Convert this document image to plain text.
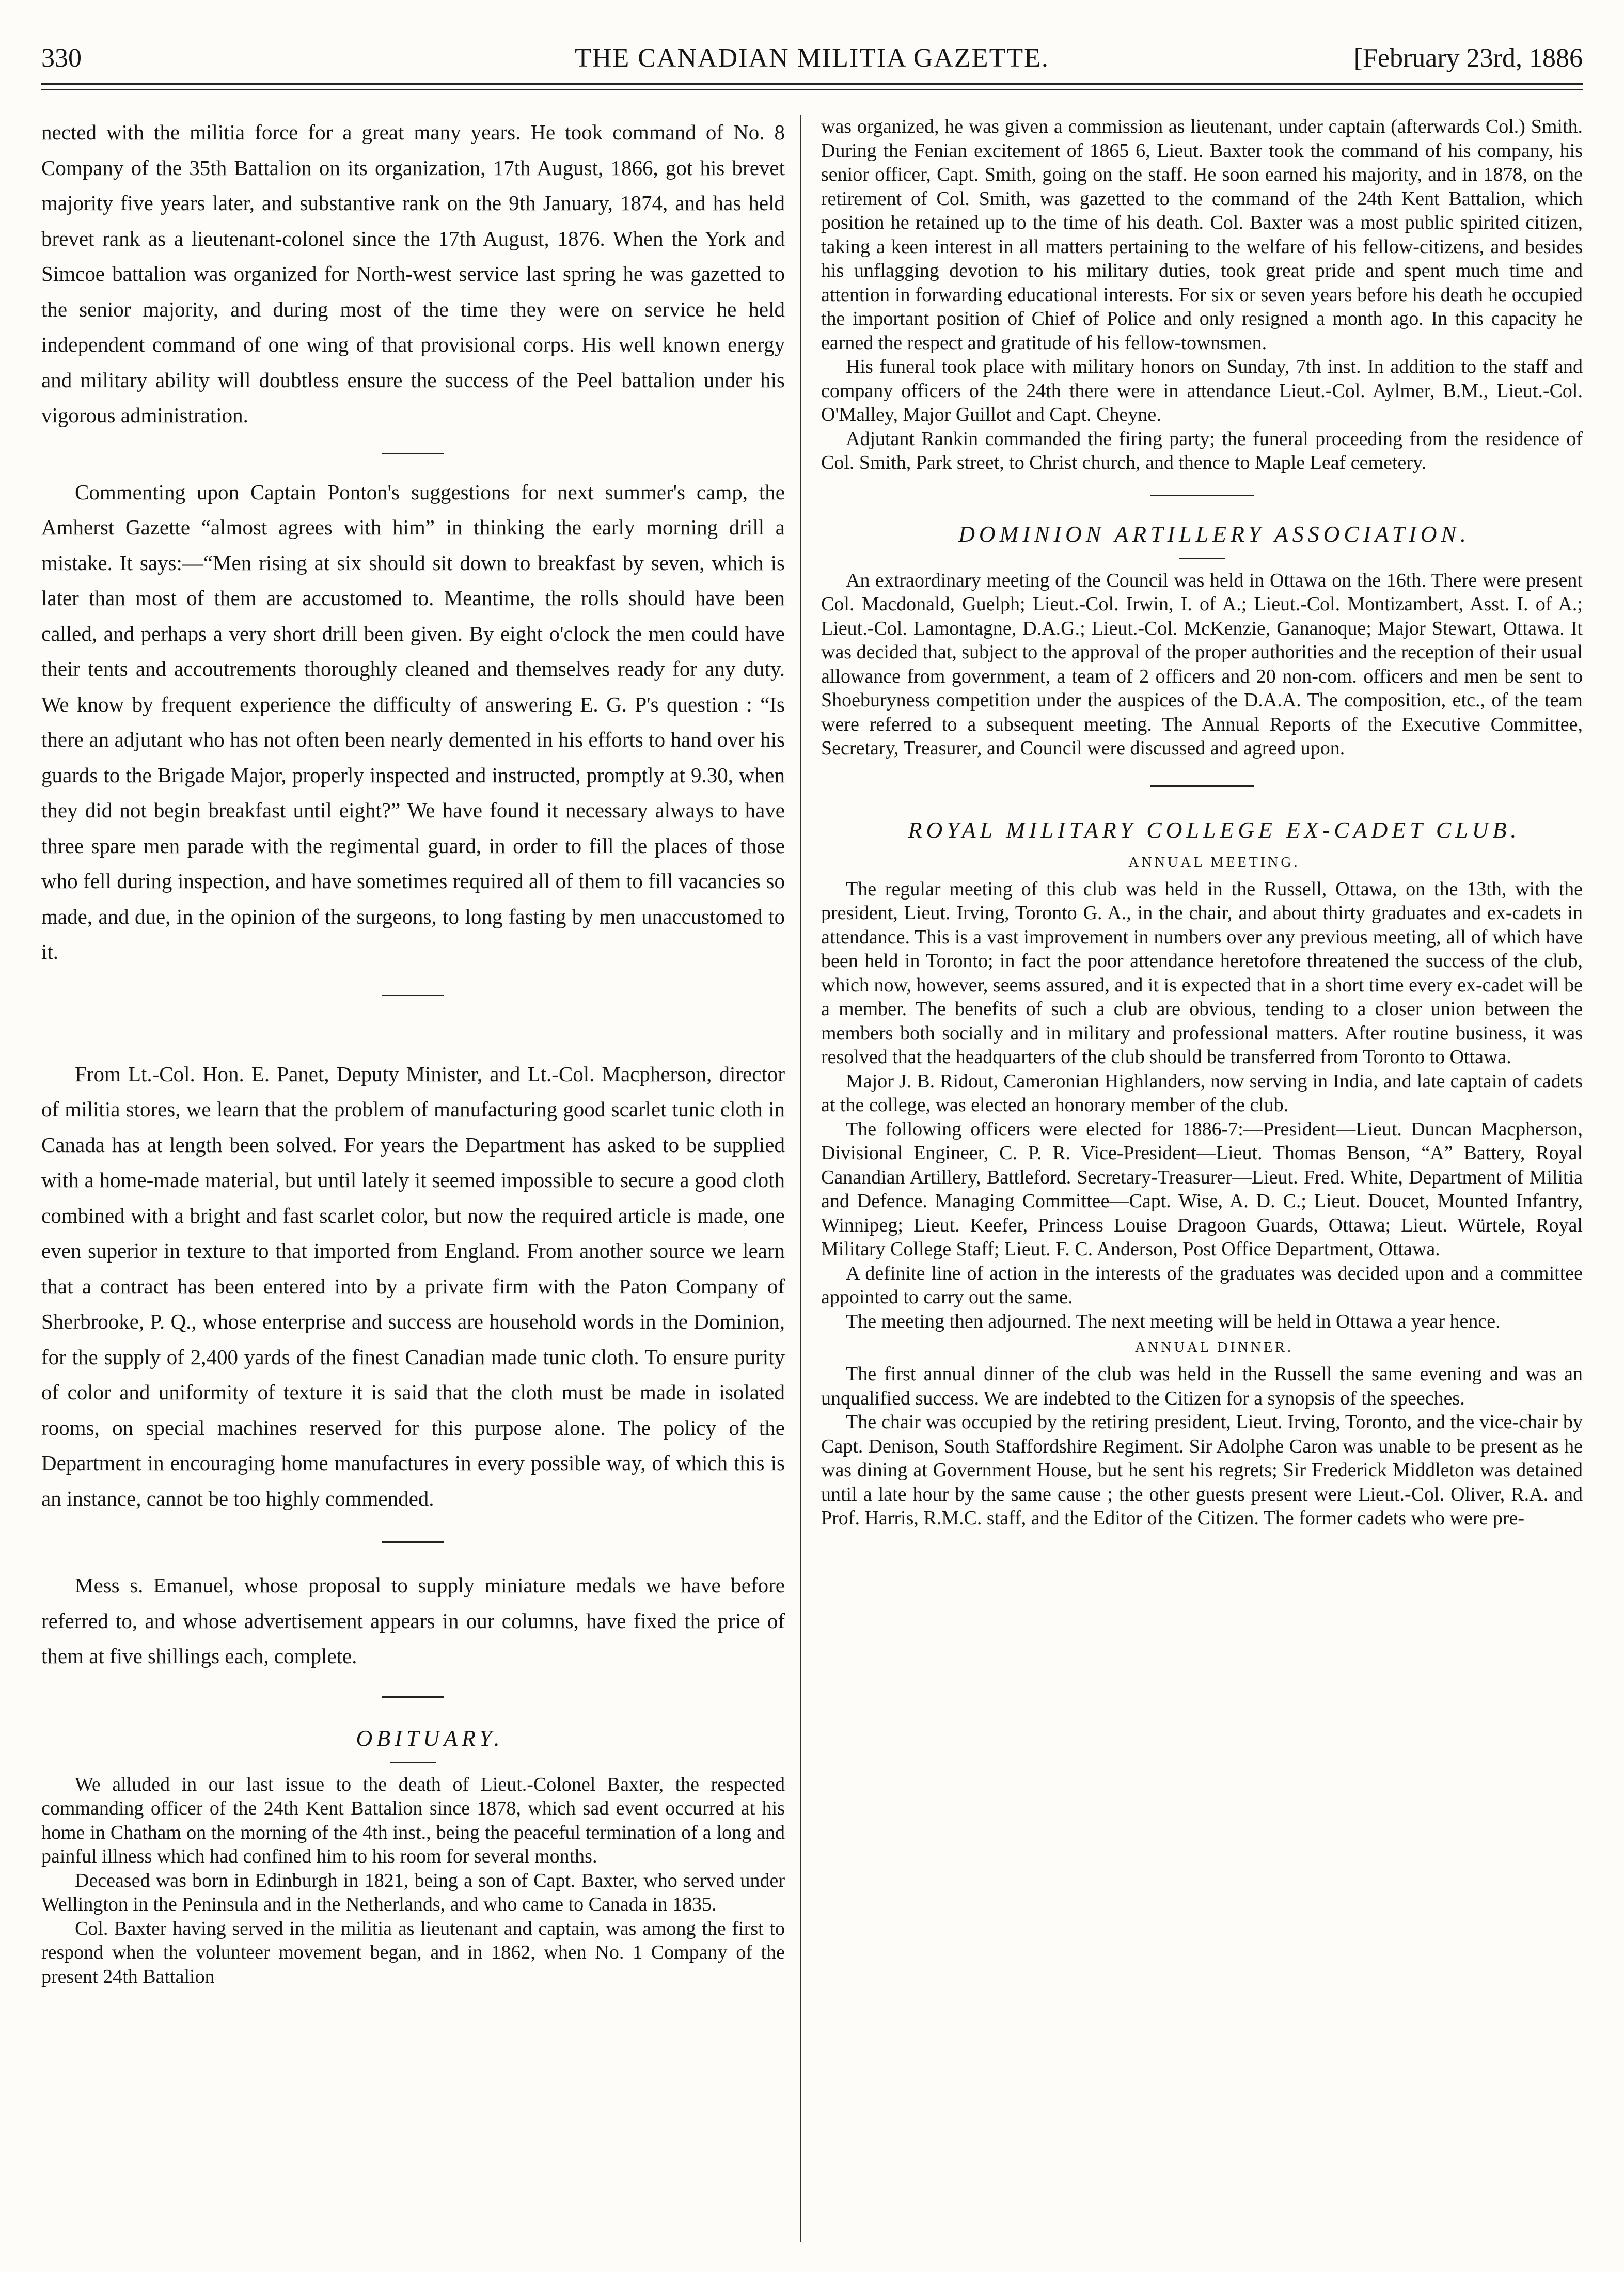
330	THE CANADIAN MILITIA GAZETTE.	[February 23rd, 1886

nected with the militia force for a great many years. He took command of No. 8 Company of the 35th Battalion on its organization, 17th August, 1866, got his brevet majority five years later, and substantive rank on the 9th January, 1874, and has held brevet rank as a lieutenant-colonel since the 17th August, 1876. When the York and Simcoe battalion was organized for North-west service last spring he was gazetted to the senior majority, and during most of the time they were on service he held independent command of one wing of that provisional corps. His well known energy and military ability will doubtless ensure the success of the Peel battalion under his vigorous administration.

Commenting upon Captain Ponton's suggestions for next summer's camp, the Amherst Gazette “almost agrees with him” in thinking the early morning drill a mistake. It says:—“Men rising at six should sit down to breakfast by seven, which is later than most of them are accustomed to. Meantime, the rolls should have been called, and perhaps a very short drill been given. By eight o'clock the men could have their tents and accoutrements thoroughly cleaned and themselves ready for any duty. We know by frequent experience the difficulty of answering E. G. P's question : “Is there an adjutant who has not often been nearly demented in his efforts to hand over his guards to the Brigade Major, properly inspected and instructed, promptly at 9.30, when they did not begin breakfast until eight?” We have found it necessary always to have three spare men parade with the regimental guard, in order to fill the places of those who fell during inspection, and have sometimes required all of them to fill vacancies so made, and due, in the opinion of the surgeons, to long fasting by men unaccustomed to it.

From Lt.-Col. Hon. E. Panet, Deputy Minister, and Lt.-Col. Macpherson, director of militia stores, we learn that the problem of manufacturing good scarlet tunic cloth in Canada has at length been solved. For years the Department has asked to be supplied with a home-made material, but until lately it seemed impossible to secure a good cloth combined with a bright and fast scarlet color, but now the required article is made, one even superior in texture to that imported from England. From another source we learn that a contract has been entered into by a private firm with the Paton Company of Sherbrooke, P. Q., whose enterprise and success are household words in the Dominion, for the supply of 2,400 yards of the finest Canadian made tunic cloth. To ensure purity of color and uniformity of texture it is said that the cloth must be made in isolated rooms, on special machines reserved for this purpose alone. The policy of the Department in encouraging home manufactures in every possible way, of which this is an instance, cannot be too highly commended.

Mess s. Emanuel, whose proposal to supply miniature medals we have before referred to, and whose advertisement appears in our columns, have fixed the price of them at five shillings each, complete.

OBITUARY.

We alluded in our last issue to the death of Lieut.-Colonel Baxter, the respected commanding officer of the 24th Kent Battalion since 1878, which sad event occurred at his home in Chatham on the morning of the 4th inst., being the peaceful termination of a long and painful illness which had confined him to his room for several months.

Deceased was born in Edinburgh in 1821, being a son of Capt. Baxter, who served under Wellington in the Peninsula and in the Netherlands, and who came to Canada in 1835.

Col. Baxter having served in the militia as lieutenant and captain, was among the first to respond when the volunteer movement began, and in 1862, when No. 1 Company of the present 24th Battalion

was organized, he was given a commission as lieutenant, under captain (afterwards Col.) Smith. During the Fenian excitement of 1865 6, Lieut. Baxter took the command of his company, his senior officer, Capt. Smith, going on the staff. He soon earned his majority, and in 1878, on the retirement of Col. Smith, was gazetted to the command of the 24th Kent Battalion, which position he retained up to the time of his death. Col. Baxter was a most public spirited citizen, taking a keen interest in all matters pertaining to the welfare of his fellow-citizens, and besides his unflagging devotion to his military duties, took great pride and spent much time and attention in forwarding educational interests. For six or seven years before his death he occupied the important position of Chief of Police and only resigned a month ago. In this capacity he earned the respect and gratitude of his fellow-townsmen.

His funeral took place with military honors on Sunday, 7th inst. In addition to the staff and company officers of the 24th there were in attendance Lieut.-Col. Aylmer, B.M., Lieut.-Col. O'Malley, Major Guillot and Capt. Cheyne.

Adjutant Rankin commanded the firing party; the funeral proceeding from the residence of Col. Smith, Park street, to Christ church, and thence to Maple Leaf cemetery.

DOMINION ARTILLERY ASSOCIATION.

An extraordinary meeting of the Council was held in Ottawa on the 16th. There were present Col. Macdonald, Guelph; Lieut.-Col. Irwin, I. of A.; Lieut.-Col. Montizambert, Asst. I. of A.; Lieut.-Col. Lamontagne, D.A.G.; Lieut.-Col. McKenzie, Gananoque; Major Stewart, Ottawa. It was decided that, subject to the approval of the proper authorities and the reception of their usual allowance from government, a team of 2 officers and 20 non-com. officers and men be sent to Shoeburyness competition under the auspices of the D.A.A. The composition, etc., of the team were referred to a subsequent meeting. The Annual Reports of the Executive Committee, Secretary, Treasurer, and Council were discussed and agreed upon.

ROYAL MILITARY COLLEGE EX-CADET CLUB.

ANNUAL MEETING.

The regular meeting of this club was held in the Russell, Ottawa, on the 13th, with the president, Lieut. Irving, Toronto G. A., in the chair, and about thirty graduates and ex-cadets in attendance. This is a vast improvement in numbers over any previous meeting, all of which have been held in Toronto; in fact the poor attendance heretofore threatened the success of the club, which now, however, seems assured, and it is expected that in a short time every ex-cadet will be a member. The benefits of such a club are obvious, tending to a closer union between the members both socially and in military and professional matters. After routine business, it was resolved that the headquarters of the club should be transferred from Toronto to Ottawa.

Major J. B. Ridout, Cameronian Highlanders, now serving in India, and late captain of cadets at the college, was elected an honorary member of the club.

The following officers were elected for 1886-7:—President—Lieut. Duncan Macpherson, Divisional Engineer, C. P. R. Vice-President—Lieut. Thomas Benson, “A” Battery, Royal Canandian Artillery, Battleford. Secretary-Treasurer—Lieut. Fred. White, Department of Militia and Defence. Managing Committee—Capt. Wise, A. D. C.; Lieut. Doucet, Mounted Infantry, Winnipeg; Lieut. Keefer, Princess Louise Dragoon Guards, Ottawa; Lieut. Würtele, Royal Military College Staff; Lieut. F. C. Anderson, Post Office Department, Ottawa.

A definite line of action in the interests of the graduates was decided upon and a committee appointed to carry out the same.

The meeting then adjourned. The next meeting will be held in Ottawa a year hence.

ANNUAL DINNER.

The first annual dinner of the club was held in the Russell the same evening and was an unqualified success. We are indebted to the Citizen for a synopsis of the speeches.

The chair was occupied by the retiring president, Lieut. Irving, Toronto, and the vice-chair by Capt. Denison, South Staffordshire Regiment. Sir Adolphe Caron was unable to be present as he was dining at Government House, but he sent his regrets; Sir Frederick Middleton was detained until a late hour by the same cause ; the other guests present were Lieut.-Col. Oliver, R.A. and Prof. Harris, R.M.C. staff, and the Editor of the Citizen. The former cadets who were pre-
